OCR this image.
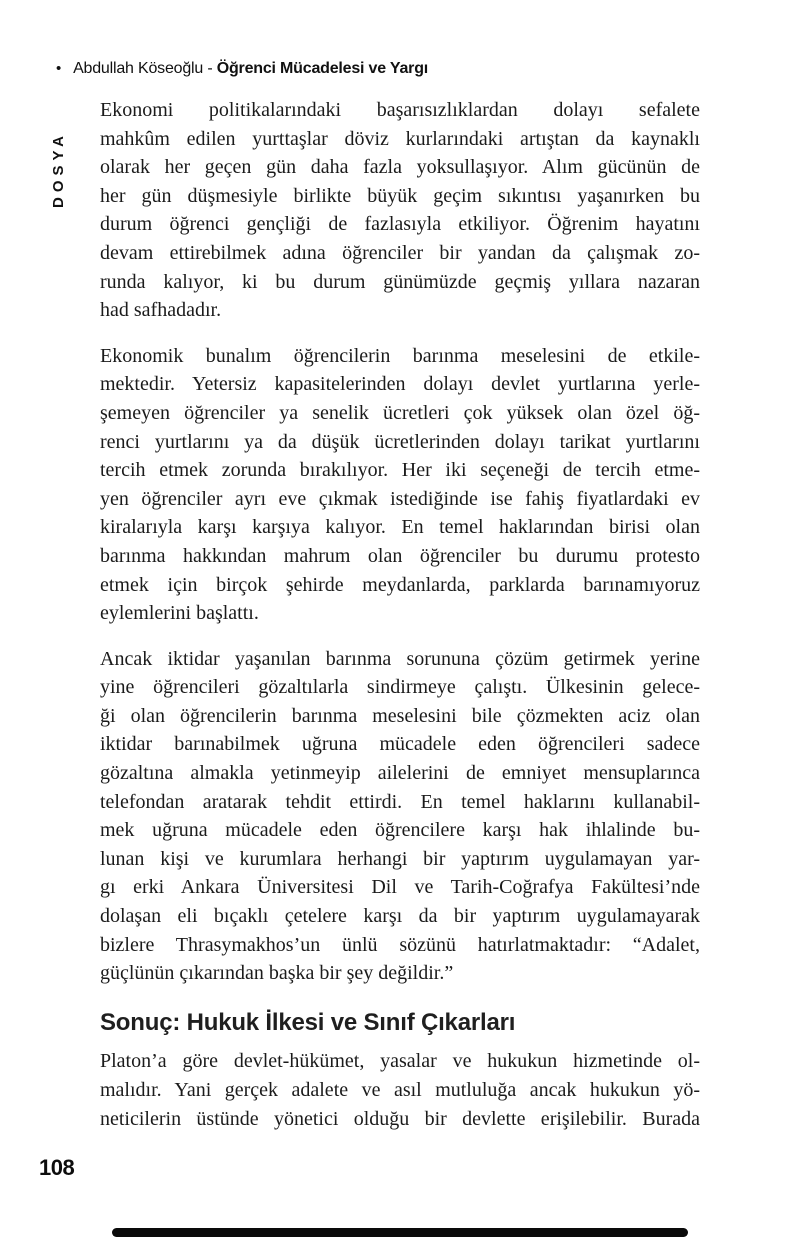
• Abdullah Köseoğlu - Öğrenci Mücadelesi ve Yargı
DOSYA
Ekonomi politikalarındaki başarısızlıklardan dolayı sefalete
mahkûm edilen yurttaşlar döviz kurlarındaki artıştan da kaynaklı
olarak her geçen gün daha fazla yoksullaşıyor. Alım gücünün de
her gün düşmesiyle birlikte büyük geçim sıkıntısı yaşanırken bu
durum öğrenci gençliği de fazlasıyla etkiliyor. Öğrenim hayatını
devam ettirebilmek adına öğrenciler bir yandan da çalışmak zo-
runda kalıyor, ki bu durum günümüzde geçmiş yıllara nazaran
had safhadadır.
Ekonomik bunalım öğrencilerin barınma meselesini de etkile-
mektedir. Yetersiz kapasitelerinden dolayı devlet yurtlarına yerle-
şemeyen öğrenciler ya senelik ücretleri çok yüksek olan özel öğ-
renci yurtlarını ya da düşük ücretlerinden dolayı tarikat yurtlarını
tercih etmek zorunda bırakılıyor. Her iki seçeneği de tercih etme-
yen öğrenciler ayrı eve çıkmak istediğinde ise fahiş fiyatlardaki ev
kiralarıyla karşı karşıya kalıyor. En temel haklarından birisi olan
barınma hakkından mahrum olan öğrenciler bu durumu protesto
etmek için birçok şehirde meydanlarda, parklarda barınamıyoruz
eylemlerini başlattı.
Ancak iktidar yaşanılan barınma sorununa çözüm getirmek yerine
yine öğrencileri gözaltılarla sindirmeye çalıştı. Ülkesinin gelece-
ği olan öğrencilerin barınma meselesini bile çözmekten aciz olan
iktidar barınabilmek uğruna mücadele eden öğrencileri sadece
gözaltına almakla yetinmeyip ailelerini de emniyet mensuplarınca
telefondan aratarak tehdit ettirdi. En temel haklarını kullanabil-
mek uğruna mücadele eden öğrencilere karşı hak ihlalinde bu-
lunan kişi ve kurumlara herhangi bir yaptırım uygulamayan yar-
gı erki Ankara Üniversitesi Dil ve Tarih-Coğrafya Fakültesi’nde
dolaşan eli bıçaklı çetelere karşı da bir yaptırım uygulamayarak
bizlere Thrasymakhos’un ünlü sözünü hatırlatmaktadır: “Adalet,
güçlünün çıkarından başka bir şey değildir.”
Sonuç: Hukuk İlkesi ve Sınıf Çıkarları
Platon’a göre devlet-hükümet, yasalar ve hukukun hizmetinde ol-
malıdır. Yani gerçek adalete ve asıl mutluluğa ancak hukukun yö-
neticilerin üstünde yönetici olduğu bir devlette erişilebilir. Burada
108
